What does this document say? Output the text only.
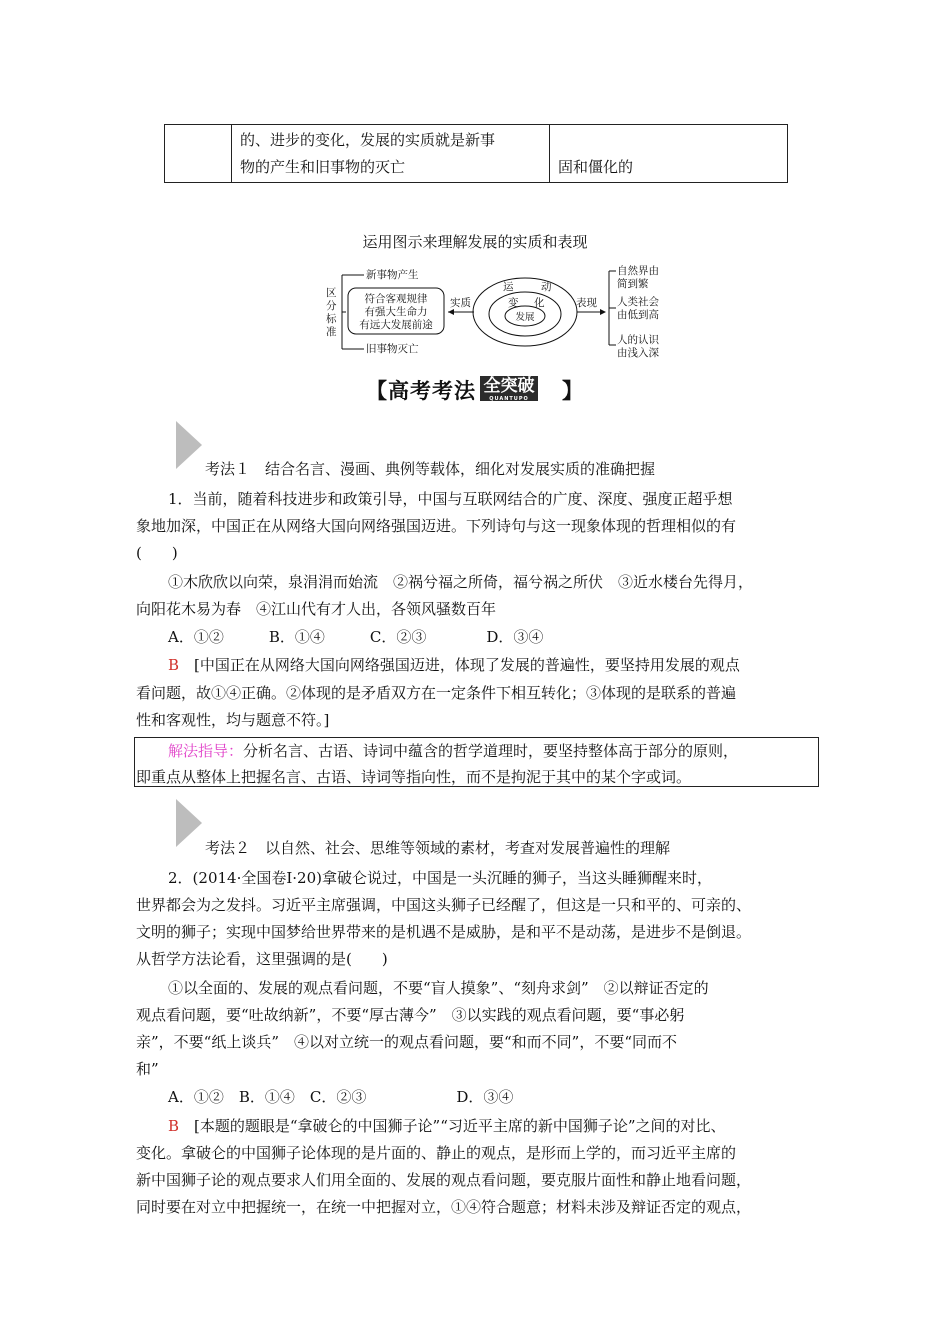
的、进步的变化，发展的实质就是新事
物的产生和旧事物的灭亡	固和僵化的
运用图示来理解发展的实质和表现
区
分
标
准
新事物产生
旧事物灭亡
符合客观规律
有强大生命力
有远大发展前途
实质
运	动
变 化
发展
表现
自然界由
简到繁
人类社会
由低到高
人的认识
由浅入深
【 高考考法 全突破
QUANTUPO	】
考法１　结合名言、漫画、典例等载体，细化对发展实质的准确把握
1．当前，随着科技进步和政策引导，中国与互联网结合的广度、深度、强度正超乎想
象地加深，中国正在从网络大国向网络强国迈进。下列诗句与这一现象体现的哲理相似的有
(　　)
①木欣欣以向荣，泉涓涓而始流　②祸兮福之所倚，福兮祸之所伏　③近水楼台先得月，
向阳花木易为春　④江山代有才人出，各领风骚数百年
A．①②　　　B．①④　　　C．②③　　　　D．③④
B　[中国正在从网络大国向网络强国迈进，体现了发展的普遍性，要坚持用发展的观点
看问题，故①④正确。②体现的是矛盾双方在一定条件下相互转化；③体现的是联系的普遍
性和客观性，均与题意不符。]
解法指导：分析名言、古语、诗词中蕴含的哲学道理时，要坚持整体高于部分的原则，
即重点从整体上把握名言、古语、诗词等指向性，而不是拘泥于其中的某个字或词。
考法２　以自然、社会、思维等领域的素材，考查对发展普遍性的理解
2．(2014·全国卷Ⅰ·20)拿破仑说过，中国是一头沉睡的狮子，当这头睡狮醒来时，
世界都会为之发抖。习近平主席强调，中国这头狮子已经醒了，但这是一只和平的、可亲的、
文明的狮子；实现中国梦给世界带来的是机遇不是威胁，是和平不是动荡，是进步不是倒退。
从哲学方法论看，这里强调的是(　　)
①以全面的、发展的观点看问题，不要“盲人摸象”、“刻舟求剑”　②以辩证否定的
观点看问题，要“吐故纳新”，不要“厚古薄今”　③以实践的观点看问题，要“事必躬
亲”，不要“纸上谈兵”　④以对立统一的观点看问题，要“和而不同”，不要“同而不
和”
A．①②　B．①④　C．②③　　　　　　D．③④
B　[本题的题眼是“拿破仑的中国狮子论”“习近平主席的新中国狮子论”之间的对比、
变化。拿破仑的中国狮子论体现的是片面的、静止的观点，是形而上学的，而习近平主席的
新中国狮子论的观点要求人们用全面的、发展的观点看问题，要克服片面性和静止地看问题，
同时要在对立中把握统一，在统一中把握对立，①④符合题意；材料未涉及辩证否定的观点，
